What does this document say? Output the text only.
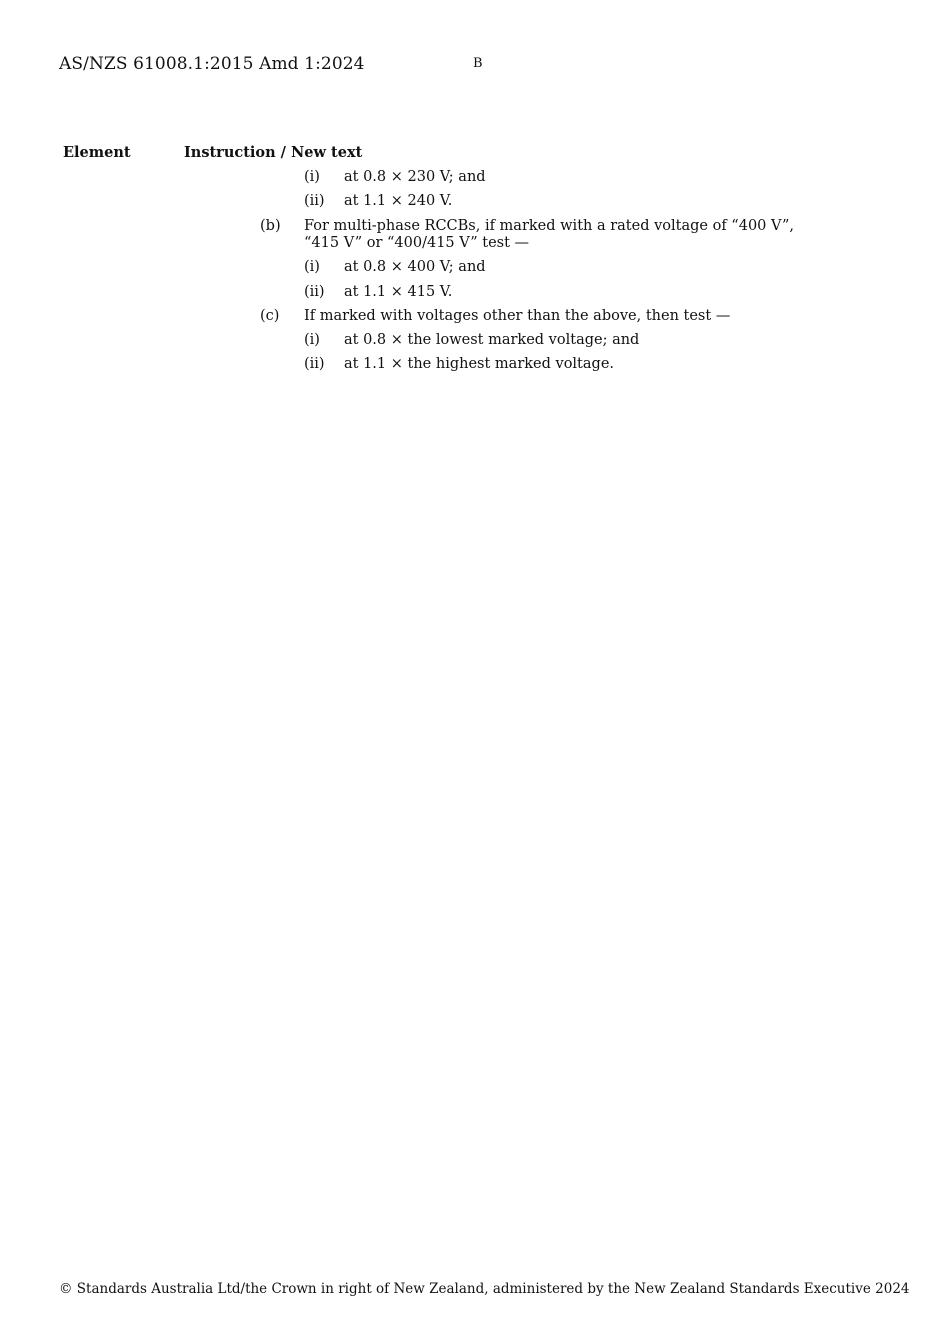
AS/NZS 61008.1:2015 Amd 1:2024	B
Element	Instruction / New text
(i) at 0.8 × 230 V; and
(ii) at 1.1 × 240 V.
(b) For multi-phase RCCBs, if marked with a rated voltage of “400 V”,
“415 V” or “400/415 V” test —
(i) at 0.8 × 400 V; and
(ii) at 1.1 × 415 V.
(c) If marked with voltages other than the above, then test —
(i) at 0.8 × the lowest marked voltage; and
(ii) at 1.1 × the highest marked voltage.
© Standards Australia Ltd/the Crown in right of New Zealand, administered by the New Zealand Standards Executive 2024
